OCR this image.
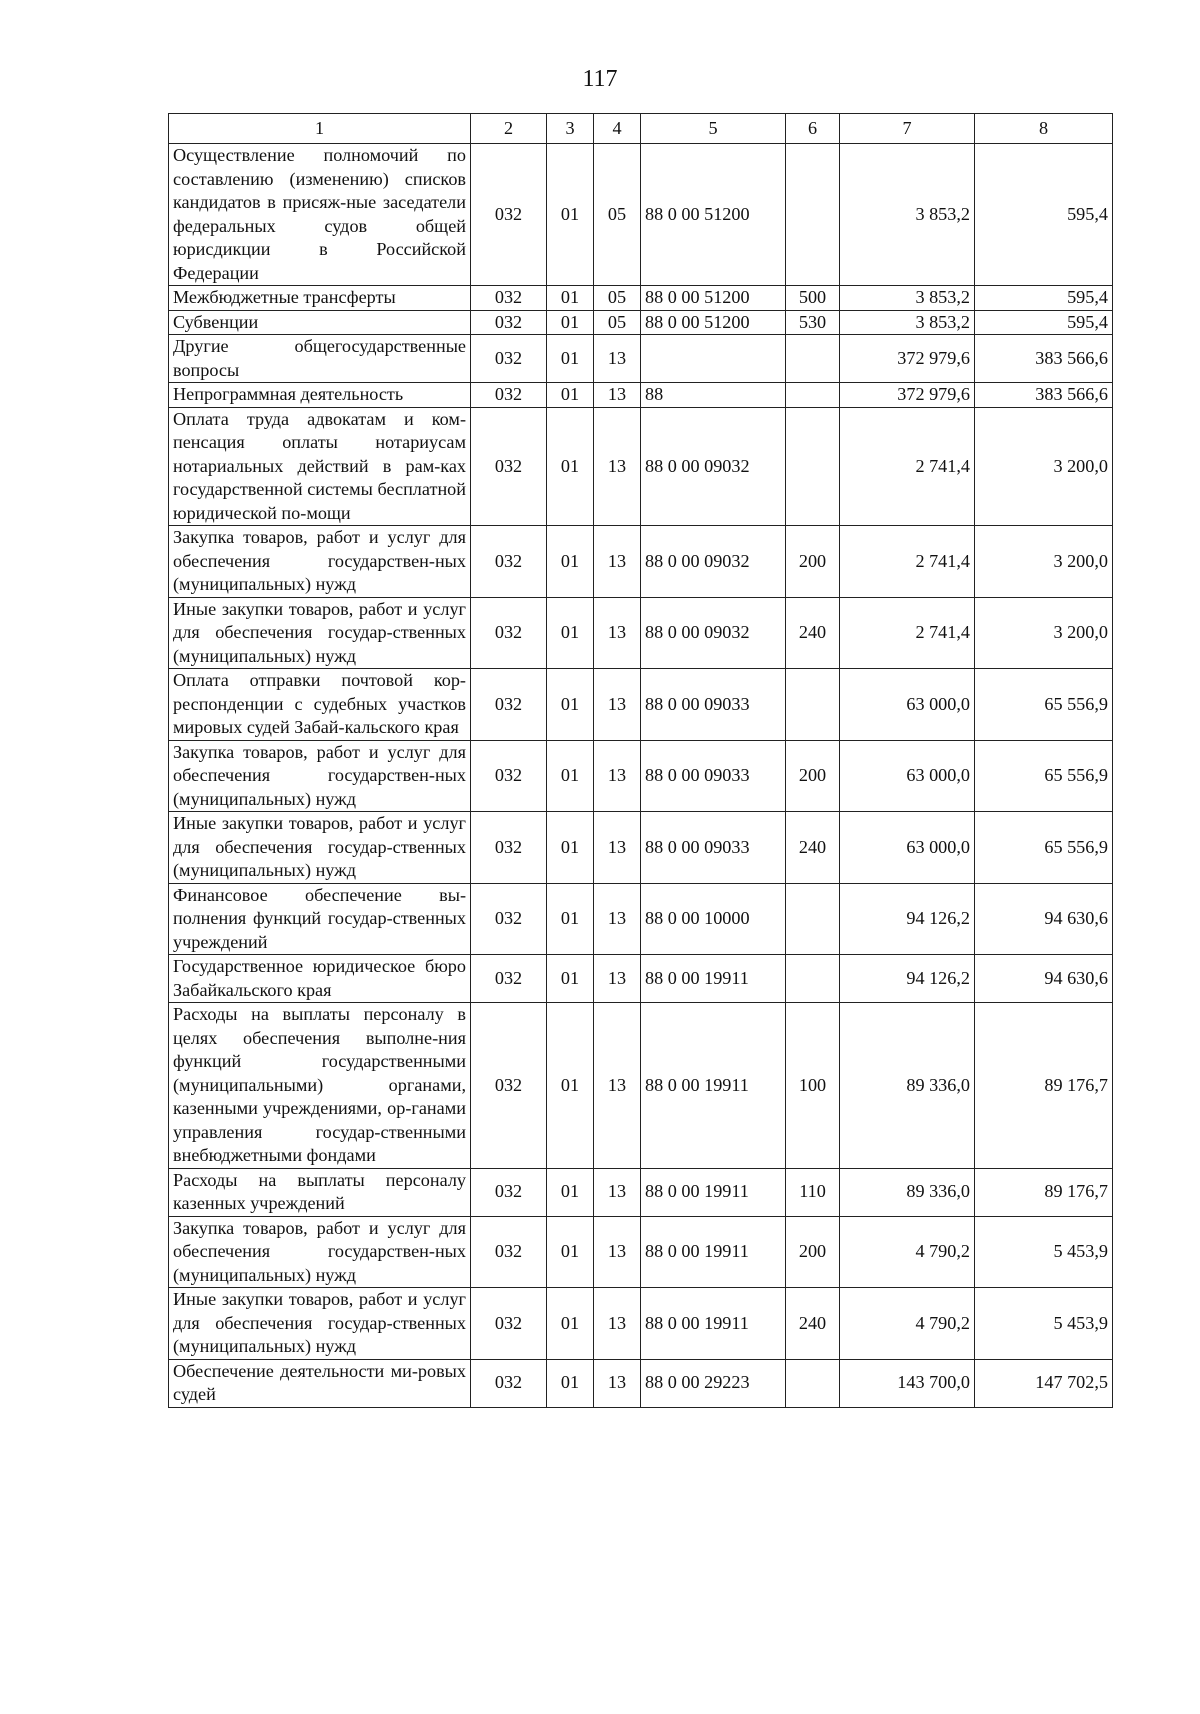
117
1	2	3	4	5	6	7	8
Осуществление полномочий по составлению (изменению) списков кандидатов в присяж-ные заседатели федеральных судов общей юрисдикции в Российской Федерации	032	01	05	88 0 00 51200		3 853,2	595,4
Межбюджетные трансферты	032	01	05	88 0 00 51200	500	3 853,2	595,4
Субвенции	032	01	05	88 0 00 51200	530	3 853,2	595,4
Другие общегосударственные вопросы	032	01	13			372 979,6	383 566,6
Непрограммная деятельность	032	01	13	88		372 979,6	383 566,6
Оплата труда адвокатам и ком-пенсация оплаты нотариусам нотариальных действий в рам-ках государственной системы бесплатной юридической по-мощи	032	01	13	88 0 00 09032		2 741,4	3 200,0
Закупка товаров, работ и услуг для обеспечения государствен-ных (муниципальных) нужд	032	01	13	88 0 00 09032	200	2 741,4	3 200,0
Иные закупки товаров, работ и услуг для обеспечения государ-ственных (муниципальных) нужд	032	01	13	88 0 00 09032	240	2 741,4	3 200,0
Оплата отправки почтовой кор-респонденции с судебных участков мировых судей Забай-кальского края	032	01	13	88 0 00 09033		63 000,0	65 556,9
Закупка товаров, работ и услуг для обеспечения государствен-ных (муниципальных) нужд	032	01	13	88 0 00 09033	200	63 000,0	65 556,9
Иные закупки товаров, работ и услуг для обеспечения государ-ственных (муниципальных) нужд	032	01	13	88 0 00 09033	240	63 000,0	65 556,9
Финансовое обеспечение вы-полнения функций государ-ственных учреждений	032	01	13	88 0 00 10000		94 126,2	94 630,6
Государственное юридическое бюро Забайкальского края	032	01	13	88 0 00 19911		94 126,2	94 630,6
Расходы на выплаты персоналу в целях обеспечения выполне-ния функций государственными (муниципальными) органами, казенными учреждениями, ор-ганами управления государ-ственными внебюджетными фондами	032	01	13	88 0 00 19911	100	89 336,0	89 176,7
Расходы на выплаты персоналу казенных учреждений	032	01	13	88 0 00 19911	110	89 336,0	89 176,7
Закупка товаров, работ и услуг для обеспечения государствен-ных (муниципальных) нужд	032	01	13	88 0 00 19911	200	4 790,2	5 453,9
Иные закупки товаров, работ и услуг для обеспечения государ-ственных (муниципальных) нужд	032	01	13	88 0 00 19911	240	4 790,2	5 453,9
Обеспечение деятельности ми-ровых судей	032	01	13	88 0 00 29223		143 700,0	147 702,5
